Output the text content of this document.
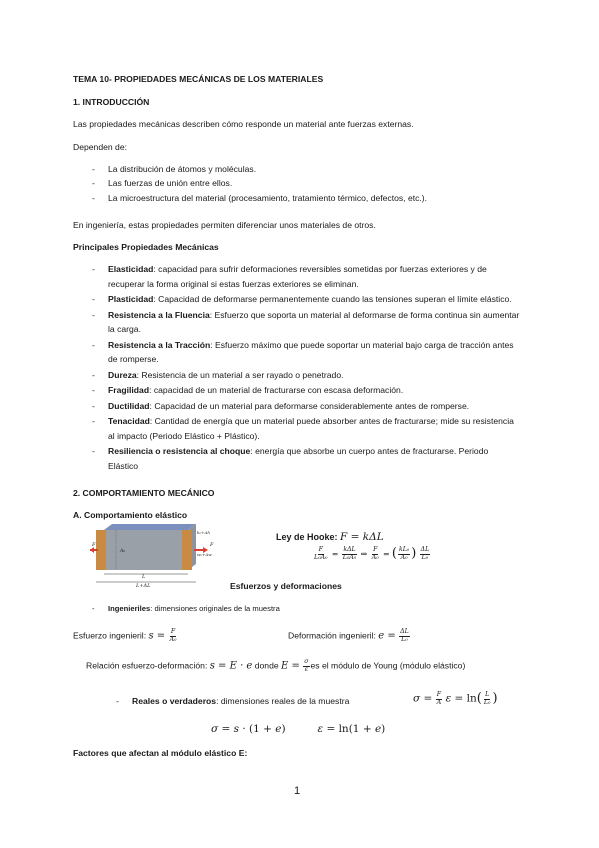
TEMA 10- PROPIEDADES MECÁNICAS DE LOS MATERIALES
1. INTRODUCCIÓN
Las propiedades mecánicas describen cómo responde un material ante fuerzas externas.
Dependen de:
- La distribución de átomos y moléculas.
- Las fuerzas de unión entre ellos.
- La microestructura del material (procesamiento, tratamiento térmico, defectos, etc.).
En ingeniería, estas propiedades permiten diferenciar unos materiales de otros.
Principales Propiedades Mecánicas
- Elasticidad: capacidad para sufrir deformaciones reversibles sometidas por fuerzas exteriores y de recuperar la forma original si estas fuerzas exteriores se eliminan.
- Plasticidad: Capacidad de deformarse permanentemente cuando las tensiones superan el límite elástico.
- Resistencia a la Fluencia: Esfuerzo que soporta un material al deformarse de forma continua sin aumentar la carga.
- Resistencia a la Tracción: Esfuerzo máximo que puede soportar un material bajo carga de tracción antes de romperse.
- Dureza: Resistencia de un material a ser rayado o penetrado.
- Fragilidad: capacidad de un material de fracturarse con escasa deformación.
- Ductilidad: Capacidad de un material para deformarse considerablemente antes de romperse.
- Tenacidad: Cantidad de energía que un material puede absorber antes de fracturarse; mide su resistencia al impacto (Periodo Elástico + Plástico).
- Resiliencia o resistencia al choque: energía que absorbe un cuerpo antes de fracturarse. Periodo Elástico
2. COMPORTAMIENTO MECÁNICO
A. Comportamiento elástico
L
L+ΔL
F	F
A₀
h₀+Δh
w₀+Δw
Ley de Hooke: F = kΔL
$\frac{F}{\text{L₀A₀}} = \frac{\text{kΔL}}{\text{L₀A₀}}$ ⇒ $\frac{F}{\text{A₀}}$ = ( $\frac{\text{kL₀}}{\text{A₀}}$ ) $\frac{\Delta L}{\text{L₀}}$
Esfuerzos y deformaciones
- Ingenieriles: dimensiones originales de la muestra
Esfuerzo ingenieril: $s = \frac{F}{\text{A₀}}$	Deformación ingenieril: $e = \frac{\Delta L}{\text{L₀}}$
Relación esfuerzo-deformación: s = E · e donde $E = \frac{\sigma}{\varepsilon}$ es el módulo de Young (módulo elástico)
- Reales o verdaderos: dimensiones reales de la muestra	$\sigma = \frac{F}{A}$ $\varepsilon = \ln( \frac{L}{\text{L₀}}$ )
σ = s · (1 + e)	ε = ln(1 + e)
Factores que afectan al módulo elástico E:
1
